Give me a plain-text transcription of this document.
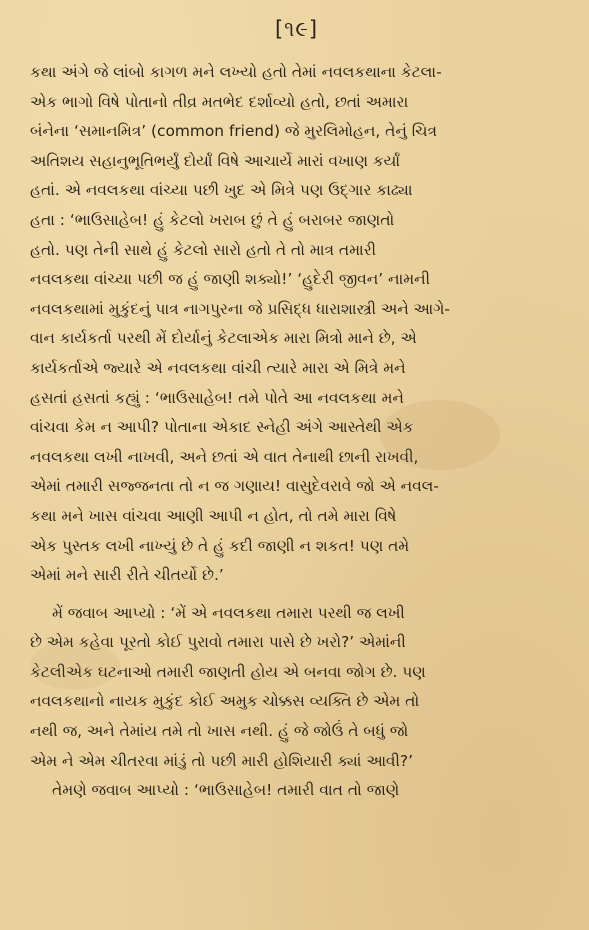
[૧૯]
કથા અંગે જે લાંબો કાગળ મને લખ્યો હતો તેમાં નવલકથાના કેટલા-
એક ભાગો વિષે પોતાનો તીવ્ર મતભેદ દર્શાવ્યો હતો, છતાં અમારા
બંનેના ‘સમાનમિત્ર’ (common friend) જે મુરલિમોહન, તેનું ચિત્ર
અતિશય સહાનુભૂતિભર્યું દોર્યાં વિષે આચાર્યે મારાં વખાણ કર્યાં
હતાં. એ નવલકથા વાંચ્યા પછી ખુદ એ મિત્રે પણ ઉદ્‌ગાર કાઢ્યા
હતા : ‘ભાઉસાહેબ! હું કેટલો ખરાબ છું તે હું બરાબર જાણતો
હતો. પણ તેની સાથે હું કેટલો સારો હતો તે તો માત્ર તમારી
નવલકથા વાંચ્યા પછી જ હું જાણી શક્યો!’ ‘હુદેરી જીવન’ નામની
નવલકથામાં મુકુંદનું પાત્ર નાગપુરના જે પ્રસિદ્ધ ધારાશાસ્ત્રી અને આગે-
વાન કાર્યકર્તા પરથી મેં દોર્યાનું કેટલાએક મારા મિત્રો માને છે, એ
કાર્યકર્તાએ જ્યારે એ નવલકથા વાંચી ત્યારે મારા એ મિત્રે મને
હસતાં હસતાં કહ્યું : ‘ભાઉસાહેબ! તમે પોતે આ નવલકથા મને
વાંચવા કેમ ન આપી? પોતાના એકાદ સ્નેહી અંગે આસ્તેથી એક
નવલકથા લખી નાખવી, અને છતાં એ વાત તેનાથી છાની રાખવી,
એમાં તમારી સજ્જનતા તો ન જ ગણાય! વાસુદેવરાવે જો એ નવલ-
કથા મને ખાસ વાંચવા આણી આપી ન હોત, તો તમે મારા વિષે
એક પુસ્તક લખી નાખ્યું છે તે હું કદી જાણી ન શકત! પણ તમે
એમાં મને સારી રીતે ચીતર્યો છે.’
મેં જવાબ આપ્યો : ‘મેં એ નવલકથા તમારા પરથી જ લખી
છે એમ કહેવા પૂરતો કોઈ પુરાવો તમારા પાસે છે ખરો?’ એમાંની
કેટલીએક ઘટનાઓ તમારી જાણતી હોય એ બનવા જોગ છે. પણ
નવલકથાનો નાયક મુકુંદ કોઈ અમુક ચોક્કસ વ્યક્તિ છે એમ તો
નથી જ, અને તેમાંય તમે તો ખાસ નથી. હું જે જોઉં તે બધું જો
એમ ને એમ ચીતરવા માંડું તો પછી મારી હોશિયારી ક્યાં આવી?’
તેમણે જવાબ આપ્યો : ‘ભાઉસાહેબ! તમારી વાત તો જાણે
